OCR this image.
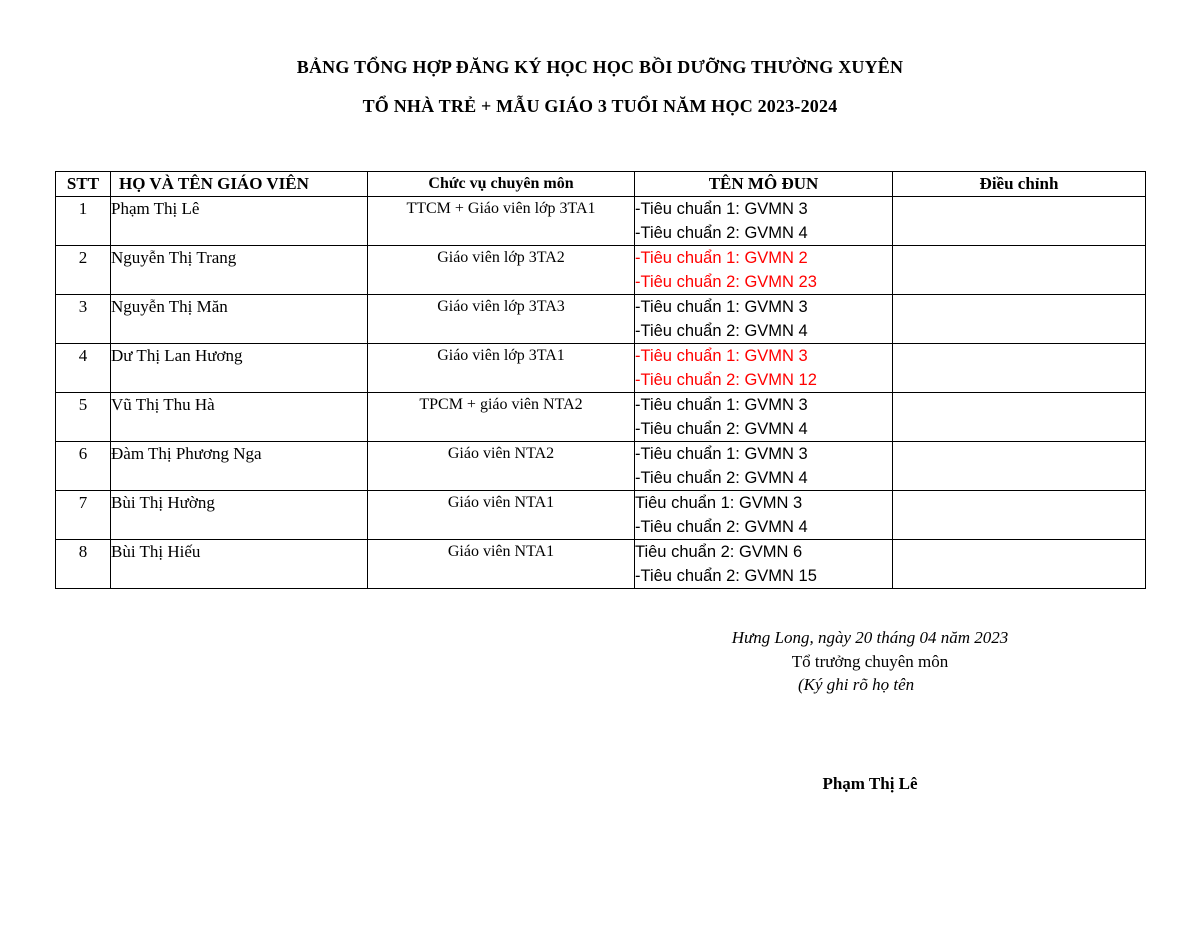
BẢNG TỔNG HỢP ĐĂNG KÝ HỌC HỌC BỒI DƯỠNG THƯỜNG XUYÊN
TỔ NHÀ TRẺ + MẪU GIÁO 3 TUỔI NĂM HỌC 2023-2024
STT	HỌ VÀ TÊN GIÁO VIÊN	Chức vụ chuyên môn	TÊN MÔ ĐUN	Điều chỉnh
1	Phạm Thị Lê	TTCM + Giáo viên lớp 3TA1	-Tiêu chuẩn 1: GVMN 3
-Tiêu chuẩn 2: GVMN 4	

2	Nguyễn Thị Trang	Giáo viên lớp 3TA2	-Tiêu chuẩn 1: GVMN 2
-Tiêu chuẩn 2: GVMN 23	

3	Nguyễn Thị Măn	Giáo viên lớp 3TA3	-Tiêu chuẩn 1: GVMN 3
-Tiêu chuẩn 2: GVMN 4	

4	Dư Thị Lan Hương	Giáo viên lớp 3TA1	-Tiêu chuẩn 1: GVMN 3
-Tiêu chuẩn 2: GVMN 12	

5	Vũ Thị Thu Hà	TPCM + giáo viên NTA2	-Tiêu chuẩn 1: GVMN 3
-Tiêu chuẩn 2: GVMN 4	

6	Đàm Thị Phương Nga	Giáo viên NTA2	-Tiêu chuẩn 1: GVMN 3
-Tiêu chuẩn 2: GVMN 4	

7	Bùi Thị Hường	Giáo viên NTA1	Tiêu chuẩn 1: GVMN 3
-Tiêu chuẩn 2: GVMN 4	

8	Bùi Thị Hiếu	Giáo viên NTA1	Tiêu chuẩn 2: GVMN 6
-Tiêu chuẩn 2: GVMN 15	

Hưng Long, ngày 20 tháng 04 năm 2023
Tổ trưởng chuyên môn
(Ký ghi rõ họ tên
Phạm Thị Lê
